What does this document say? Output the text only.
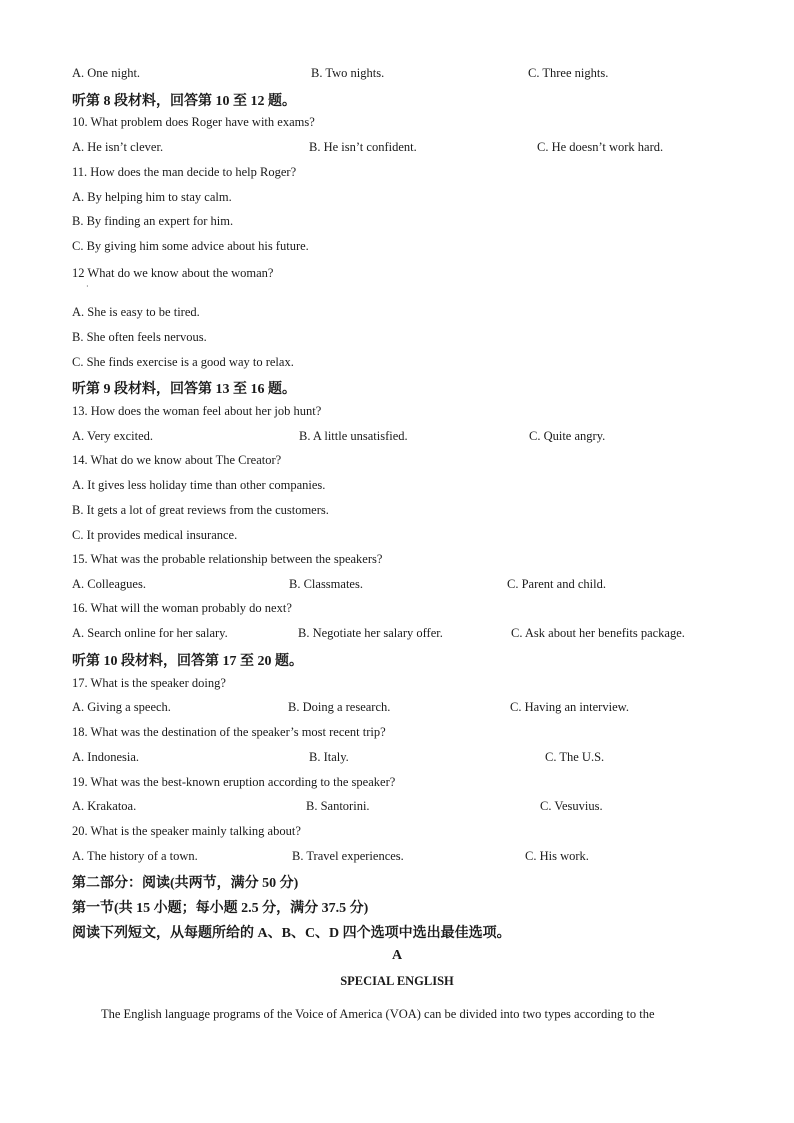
A. One night.	B. Two nights.	C. Three nights.
听第 8 段材料，回答第 10 至 12 题。
10. What problem does Roger have with exams?
A. He isn’t clever.	B. He isn’t confident.	C. He doesn’t work hard.
11. How does the man decide to help Roger?
A. By helping him to stay calm.
B. By finding an expert for him.
C. By giving him some advice about his future.
12 What do we know about the woman?
·
A. She is easy to be tired.
B. She often feels nervous.
C. She finds exercise is a good way to relax.
听第 9 段材料，回答第 13 至 16 题。
13. How does the woman feel about her job hunt?
A. Very excited.	B. A little unsatisfied.	C. Quite angry.
14. What do we know about The Creator?
A. It gives less holiday time than other companies.
B. It gets a lot of great reviews from the customers.
C. It provides medical insurance.
15. What was the probable relationship between the speakers?
A. Colleagues.	B. Classmates.	C. Parent and child.
16. What will the woman probably do next?
A. Search online for her salary.	B. Negotiate her salary offer.	C. Ask about her benefits package.
听第 10 段材料，回答第 17 至 20 题。
17. What is the speaker doing?
A. Giving a speech.	B. Doing a research.	C. Having an interview.
18. What was the destination of the speaker’s most recent trip?
A. Indonesia.	B. Italy.	C. The U.S.
19. What was the best-known eruption according to the speaker?
A. Krakatoa.	B. Santorini.	C. Vesuvius.
20. What is the speaker mainly talking about?
A. The history of a town.	B. Travel experiences.	C. His work.
第二部分：阅读(共两节，满分 50 分)
第一节(共 15 小题；每小题 2.5 分，满分 37.5 分)
阅读下列短文，从每题所给的 A、B、C、D 四个选项中选出最佳选项。
A
SPECIAL ENGLISH
The English language programs of the Voice of America (VOA) can be divided into two types according to the
